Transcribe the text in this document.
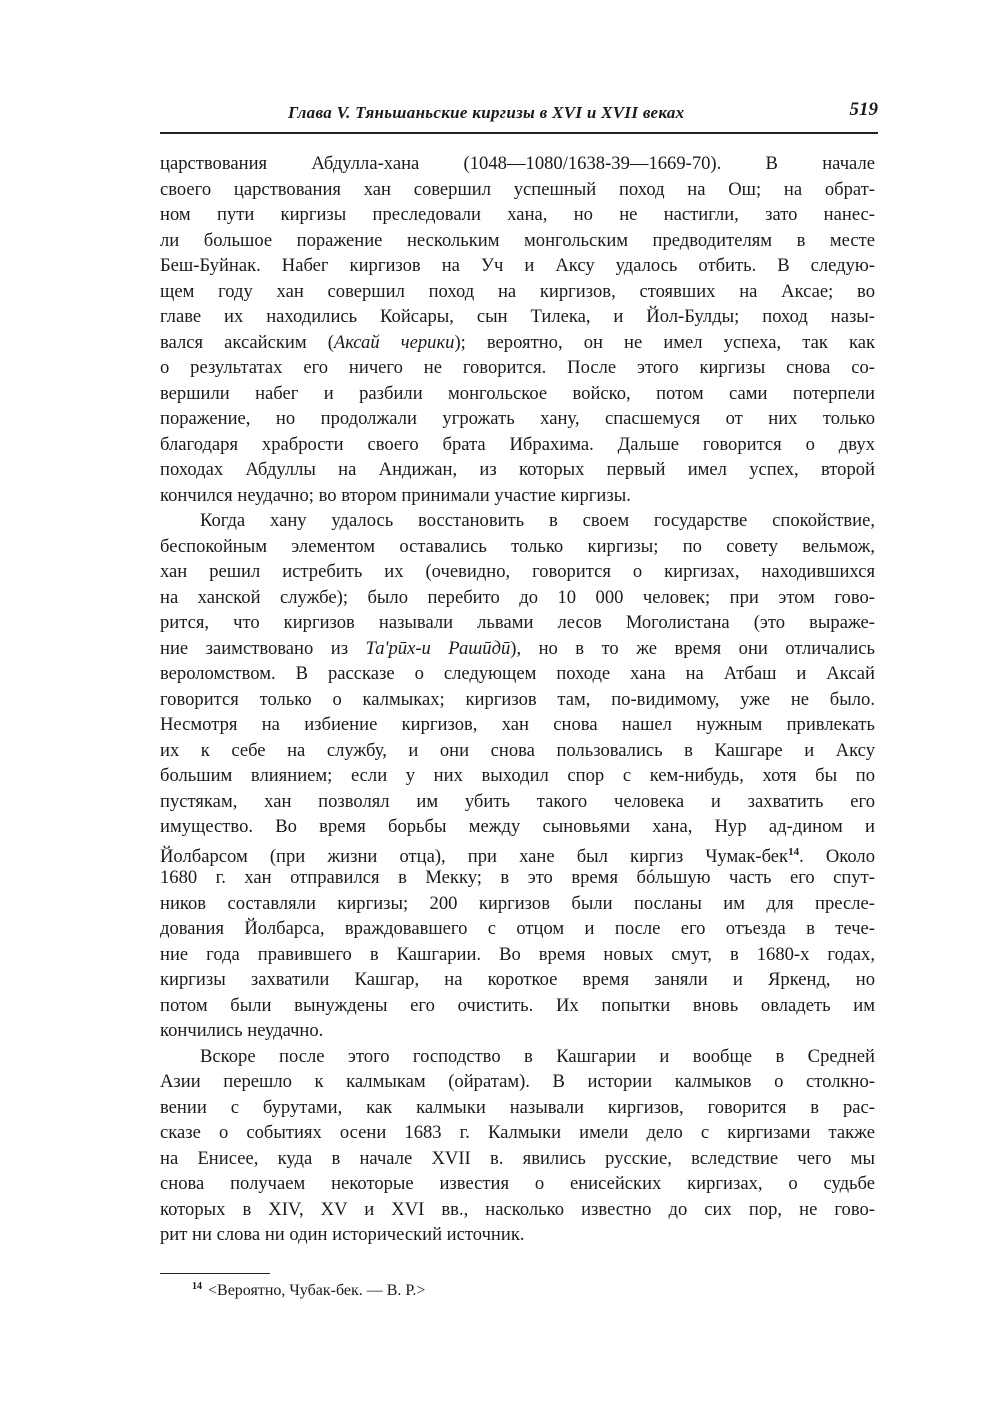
Глава V. Тяньшаньские киргизы в XVI и XVII веках	519
царствования Абдулла-хана (1048—1080/1638-39—1669-70). В начале
своего царствования хан совершил успешный поход на Ош; на обрат-
ном пути киргизы преследовали хана, но не настигли, зато нанес-
ли большое поражение нескольким монгольским предводителям в месте
Беш-Буйнак. Набег киргизов на Уч и Аксу удалось отбить. В следую-
щем году хан совершил поход на киргизов, стоявших на Аксае; во
главе их находились Койсары, сын Тилека, и Йол-Булды; поход назы-
вался аксайским (Аксай черики); вероятно, он не имел успеха, так как
о результатах его ничего не говорится. После этого киргизы снова со-
вершили набег и разбили монгольское войско, потом сами потерпели
поражение, но продолжали угрожать хану, спасшемуся от них только
благодаря храбрости своего брата Ибрахима. Дальше говорится о двух
походах Абдуллы на Андижан, из которых первый имел успех, второй
кончился неудачно; во втором принимали участие киргизы.
Когда хану удалось восстановить в своем государстве спокойствие,
беспокойным элементом оставались только киргизы; по совету вельмож,
хан решил истребить их (очевидно, говорится о киргизах, находившихся
на ханской службе); было перебито до 10 000 человек; при этом гово-
рится, что киргизов называли львами лесов Моголистана (это выраже-
ние заимствовано из Та'рӣх-и Рашӣдӣ), но в то же время они отличались
вероломством. В рассказе о следующем походе хана на Атбаш и Аксай
говорится только о калмыках; киргизов там, по-видимому, уже не было.
Несмотря на избиение киргизов, хан снова нашел нужным привлекать
их к себе на службу, и они снова пользовались в Кашгаре и Аксу
большим влиянием; если у них выходил спор с кем-нибудь, хотя бы по
пустякам, хан позволял им убить такого человека и захватить его
имущество. Во время борьбы между сыновьями хана, Нур ад-дином и
Йолбарсом (при жизни отца), при хане был киргиз Чумак-бек$^{14}$. Около
1680 г. хан отправился в Мекку; в это время бóльшую часть его спут-
ников составляли киргизы; 200 киргизов были посланы им для пресле-
дования Йолбарса, враждовавшего с отцом и после его отъезда в тече-
ние года правившего в Кашгарии. Во время новых смут, в 1680-х годах,
киргизы захватили Кашгар, на короткое время заняли и Яркенд, но
потом были вынуждены его очистить. Их попытки вновь овладеть им
кончились неудачно.
Вскоре после этого господство в Кашгарии и вообще в Средней
Азии перешло к калмыкам (ойратам). В истории калмыков о столкно-
вении с бурутами, как калмыки называли киргизов, говорится в рас-
сказе о событиях осени 1683 г. Калмыки имели дело с киргизами также
на Енисее, куда в начале XVII в. явились русские, вследствие чего мы
снова получаем некоторые известия о енисейских киргизах, о судьбе
которых в XIV, XV и XVI вв., насколько известно до сих пор, не гово-
рит ни слова ни один исторический источник.
$^{14}$ <Вероятно, Чубак-бек. — В. Р.>
